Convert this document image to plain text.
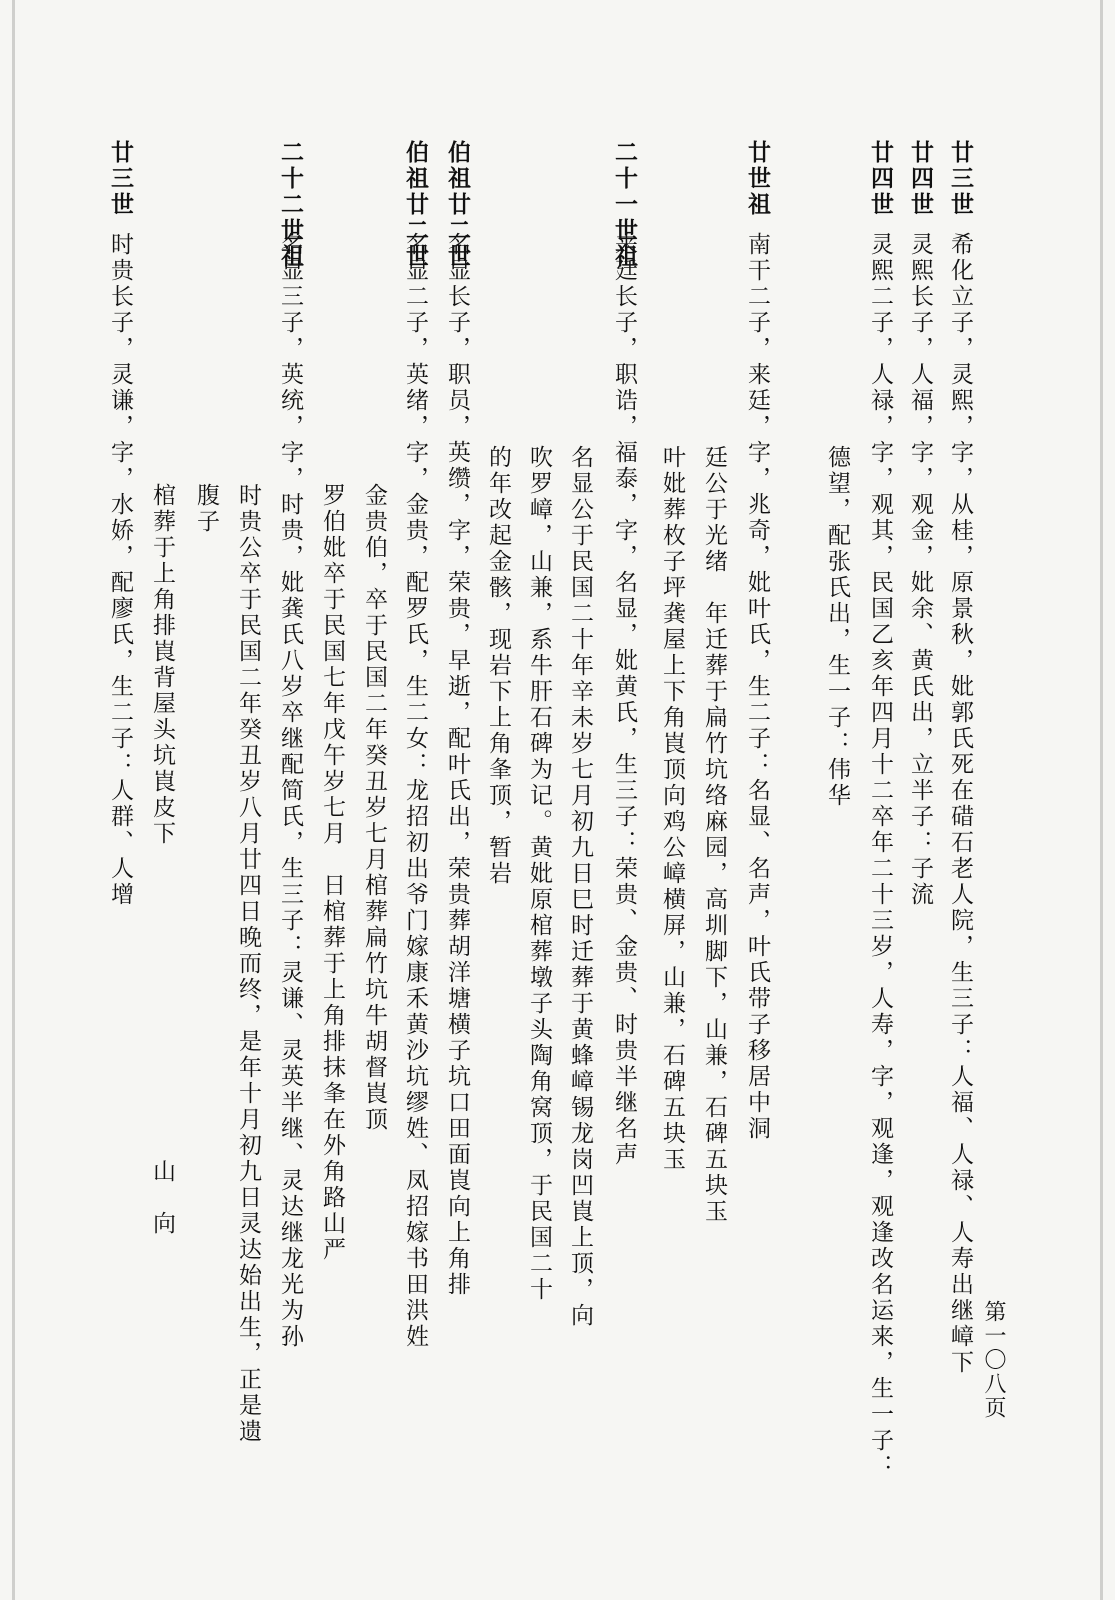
第一〇八页
廿三世
希化立子，灵熙，字，从桂，原景秋，妣郭氏死在碏石老人院，生三子：人福、人禄、人寿出继嶂下
廿四世
灵熙长子，人福，字，观金，妣余、黄氏出，立半子：子流
廿四世
灵熙二子，人禄，字，观其，民国乙亥年四月十二卒年二十三岁，人寿，字，观逢，观逢改名运来，生一子：
德望，配张氏出，生一子：伟华
廿世祖
南干二子，来廷，字，兆奇，妣叶氏，生二子：名显、名声，叶氏带子移居中洞
廷公于光绪　年迁葬于扁竹坑络麻园，高圳脚下，山兼，石碑五块玉
叶妣葬枚子坪龚屋上下角崀顶向鸡公嶂横屏，山兼，石碑五块玉
二十一世祖
来廷长子，职诰，福泰，字，名显，妣黄氏，生三子：荣贵、金贵、时贵半继名声
名显公于民国二十年辛未岁七月初九日巳时迁葬于黄蜂嶂锡龙岗凹崀上顶，向
吹罗嶂，山兼，系牛肝石碑为记。黄妣原棺葬墩子头陶角窝顶，于民国二十
的年改起金骸，现岩下上角夆顶，暂岩
伯祖廿二世
名显长子，职员，英缵，字，荣贵，早逝，配叶氏出，荣贵葬胡洋塘横子坑口田面崀向上角排
伯祖廿二世
名显二子，英绪，字，金贵，配罗氏，生二女：龙招初出爷门嫁康禾黄沙坑缪姓、凤招嫁书田洪姓
金贵伯，卒于民国二年癸丑岁七月棺葬扁竹坑牛胡督崀顶
罗伯妣卒于民国七年戊午岁七月　日棺葬于上角排抹夆在外角路山严
二十二世祖
名显三子，英统，字，时贵，妣龚氏八岁卒继配简氏，生三子：灵谦、灵英半继、灵达继龙光为孙
时贵公卒于民国二年癸丑岁八月廿四日晚而终，是年十月初九日灵达始出生，正是遗
腹子
棺葬于上角排崀背屋头坑崀皮下　　　　　　　　　　　　山　向
廿三世
时贵长子，灵谦，字，水娇，配廖氏，生二子：人群、人增
